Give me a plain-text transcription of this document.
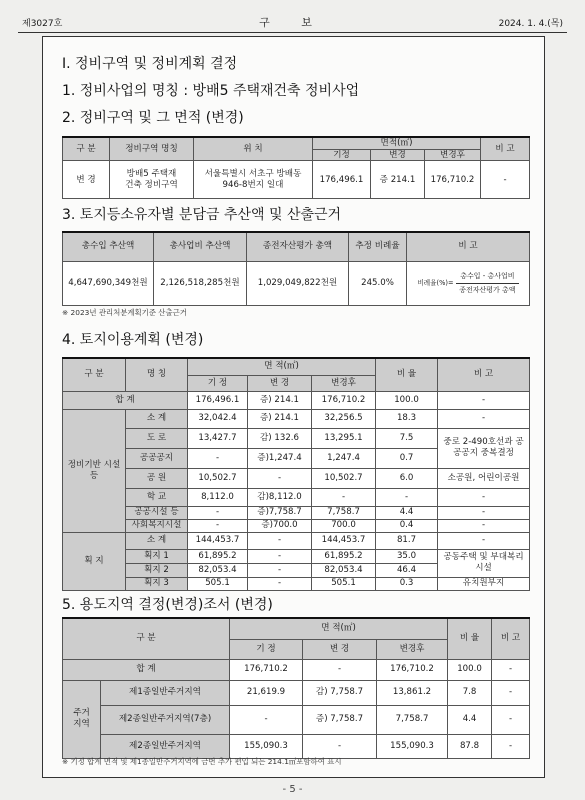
제3027호	구 보	2024. 1. 4.(목)
Ⅰ. 정비구역 및 정비계획 결정
1. 정비사업의 명칭 : 방배5 주택재건축 정비사업
2. 정비구역 및 그 면적 (변경)
구 분	정비구역 명칭	위 치	면적(㎡)			비 고
			기정	변경	변경후	
변 경	방배5 주택재건축 정비구역	서울특별시 서초구 방배동 946-8번지 일대	176,496.1	증 214.1	176,710.2	-
3. 토지등소유자별 분담금 추산액 및 산출근거
총수입 추산액	총사업비 추산액	종전자산평가 총액	추정 비례율	비 고
4,647,690,349천원	2,126,518,285천원	1,029,049,822천원	245.0%	비례율(%)= $\frac{\text{총수입 - 총사업비}}{\text{종전자산평가 총액}}$
※ 2023년 관리처분계획기준 산출근거
4. 토지이용계획 (변경)
구 분	명 칭	면 적(㎡)			비 율	비 고
		기 정	변 경	변경후		
합 계		176,496.1	증) 214.1	176,710.2	100.0	-
정비기반 시설 등	소 계	32,042.4	증) 214.1	32,256.5	18.3	-
	도 로	13,427.7	감) 132.6	13,295.1	7.5	중로 2-490호선과 공공공지 중복결정
	공공공지	-	증)1,247.4	1,247.4	0.7	
	공 원	10,502.7	-	10,502.7	6.0	소공원, 어린이공원
	학 교	8,112.0	감)8,112.0	-	-	-
	공공시설 등	-	증)7,758.7	7,758.7	4.4	-
	사회복지시설	-	증)700.0	700.0	0.4	-
획 지	소 계	144,453.7	-	144,453.7	81.7	-
	획지 1	61,895.2	-	61,895.2	35.0	공동주택 및 부대복리시설
	획지 2	82,053.4	-	82,053.4	46.4	
	획지 3	505.1	-	505.1	0.3	유치원부지
5. 용도지역 결정(변경)조서 (변경)
구 분		면 적(㎡)			비 율	비 고
		기 정	변 경	변경후		
합 계		176,710.2	-	176,710.2	100.0	-
주거 지역	제1종일반주거지역	21,619.9	감) 7,758.7	13,861.2	7.8	-
	제2종일반주거지역(7층)	-	증) 7,758.7	7,758.7	4.4	-
	제2종일반주거지역	155,090.3	-	155,090.3	87.8	-
※ 기정 합계 면적 및 제1종일반주거지역에 금번 추가 편입 되는 214.1㎡포함하여 표시
- 5 -
